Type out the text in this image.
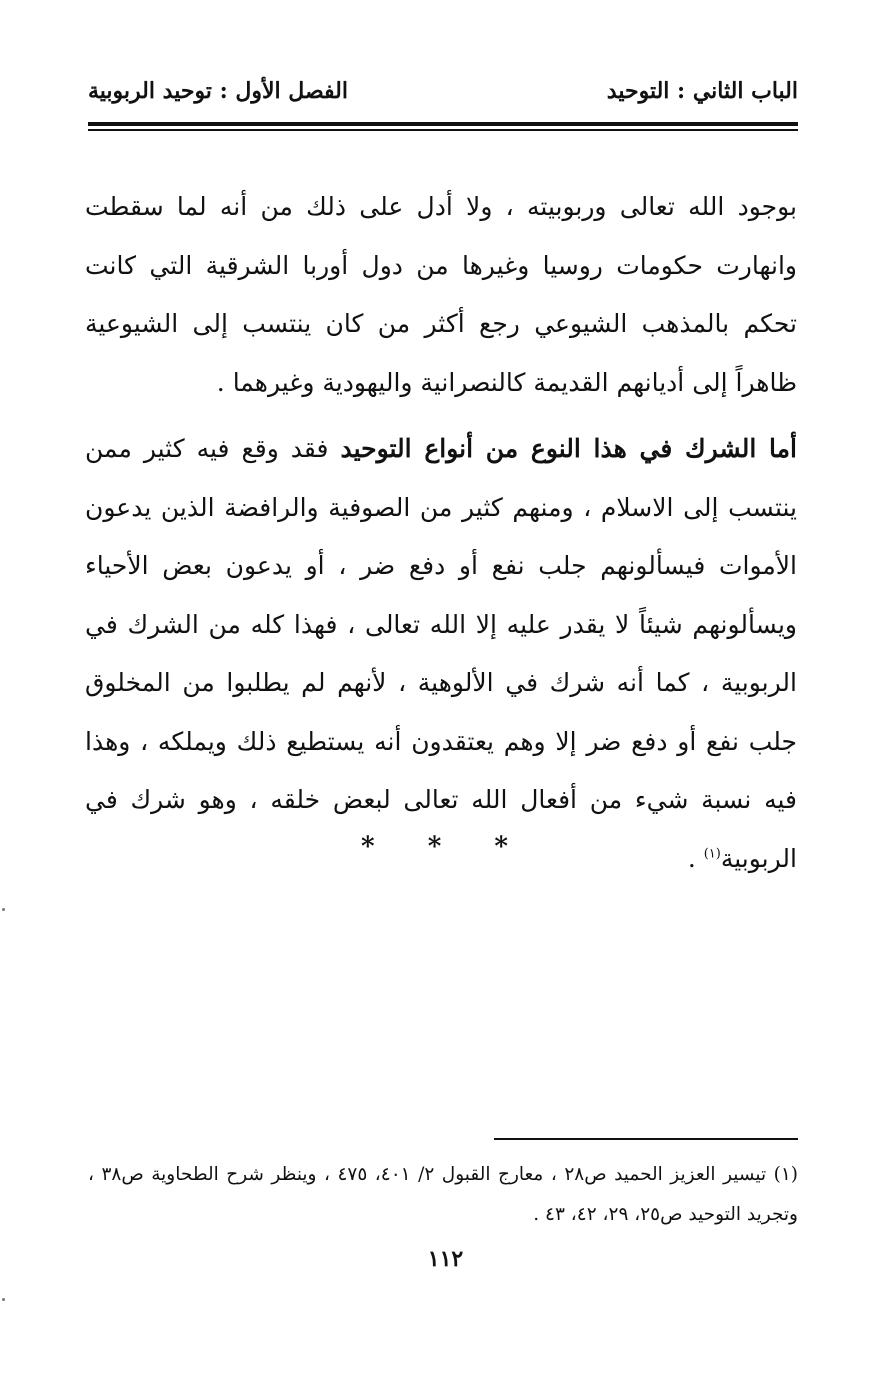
الباب الثاني : التوحيد
الفصل الأول : توحيد الربوبية

بوجود الله تعالى وربوبيته ، ولا أدل على ذلك من أنه لما سقطت وانهارت حكومات روسيا وغيرها من دول أوربا الشرقية التي كانت تحكم بالمذهب الشيوعي رجع أكثر من كان ينتسب إلى الشيوعية ظاهراً إلى أديانهم القديمة كالنصرانية واليهودية وغيرهما .

أما الشرك في هذا النوع من أنواع التوحيد فقد وقع فيه كثير ممن ينتسب إلى الاسلام ، ومنهم كثير من الصوفية والرافضة الذين يدعون الأموات فيسألونهم جلب نفع أو دفع ضر ، أو يدعون بعض الأحياء ويسألونهم شيئاً لا يقدر عليه إلا الله تعالى ، فهذا كله من الشرك في الربوبية ، كما أنه شرك في الألوهية ، لأنهم لم يطلبوا من المخلوق جلب نفع أو دفع ضر إلا وهم يعتقدون أنه يستطيع ذلك ويملكه ، وهذا فيه نسبة شيء من أفعال الله تعالى لبعض خلقه ، وهو شرك في الربوبية$^{(١)}$ .

* * *

(١) تيسير العزيز الحميد ص٢٨ ، معارج القبول ٢/ ٤٠١، ٤٧٥ ، وينظر شرح الطحاوية ص٣٨ ، وتجريد التوحيد ص٢٥، ٢٩، ٤٢، ٤٣ .

١١٢
